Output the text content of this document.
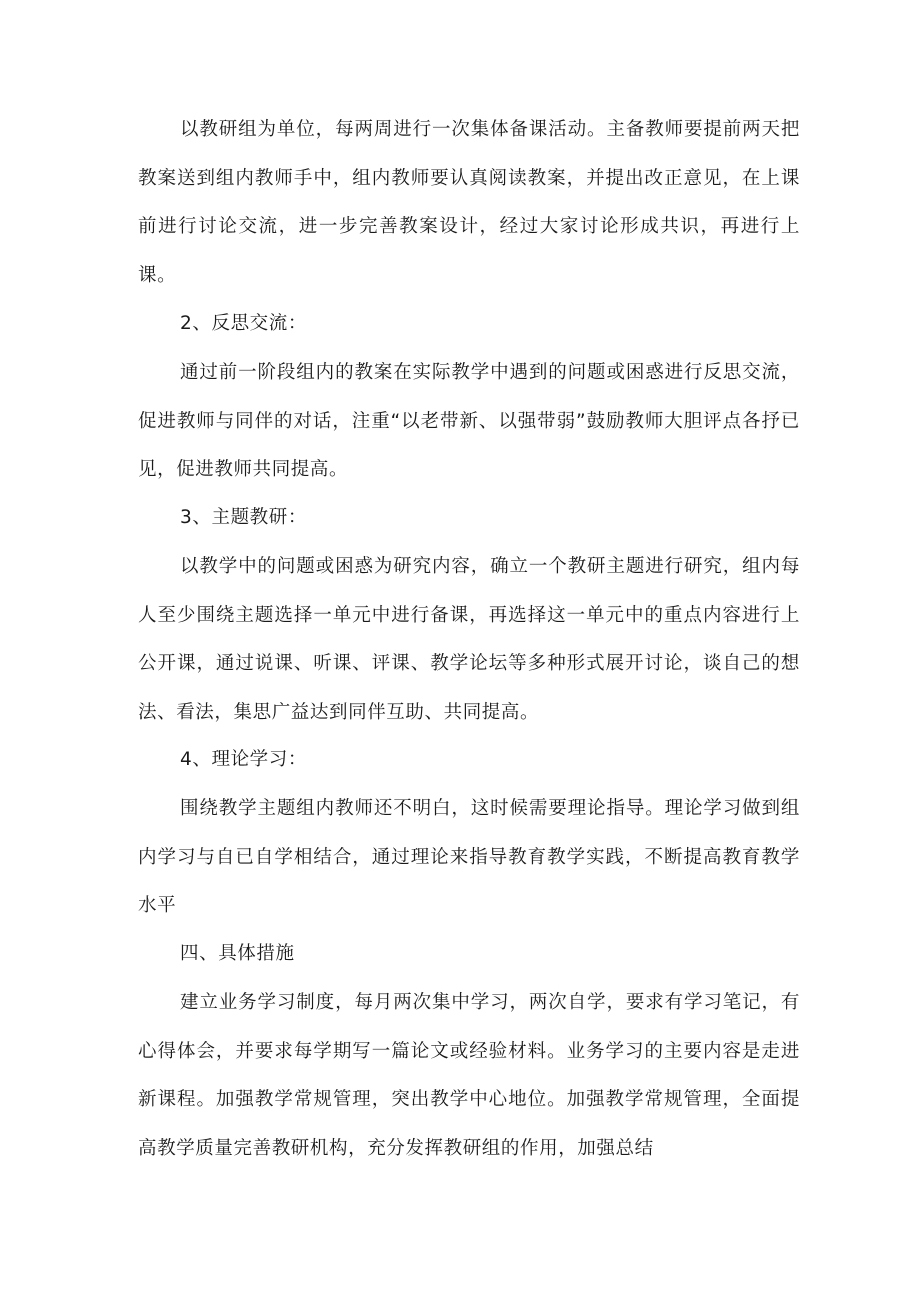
以教研组为单位，每两周进行一次集体备课活动。主备教师要提前两天把教案送到组内教师手中，组内教师要认真阅读教案，并提出改正意见，在上课前进行讨论交流，进一步完善教案设计，经过大家讨论形成共识，再进行上课。

2、反思交流：

通过前一阶段组内的教案在实际教学中遇到的问题或困惑进行反思交流，促进教师与同伴的对话，注重“以老带新、以强带弱”鼓励教师大胆评点各抒已见，促进教师共同提高。

3、主题教研：

以教学中的问题或困惑为研究内容，确立一个教研主题进行研究，组内每人至少围绕主题选择一单元中进行备课，再选择这一单元中的重点内容进行上公开课，通过说课、听课、评课、教学论坛等多种形式展开讨论，谈自己的想法、看法，集思广益达到同伴互助、共同提高。

4、理论学习：

围绕教学主题组内教师还不明白，这时候需要理论指导。理论学习做到组内学习与自已自学相结合，通过理论来指导教育教学实践，不断提高教育教学水平

四、具体措施

建立业务学习制度，每月两次集中学习，两次自学，要求有学习笔记，有心得体会，并要求每学期写一篇论文或经验材料。业务学习的主要内容是走进新课程。加强教学常规管理，突出教学中心地位。加强教学常规管理，全面提高教学质量完善教研机构，充分发挥教研组的作用，加强总结
